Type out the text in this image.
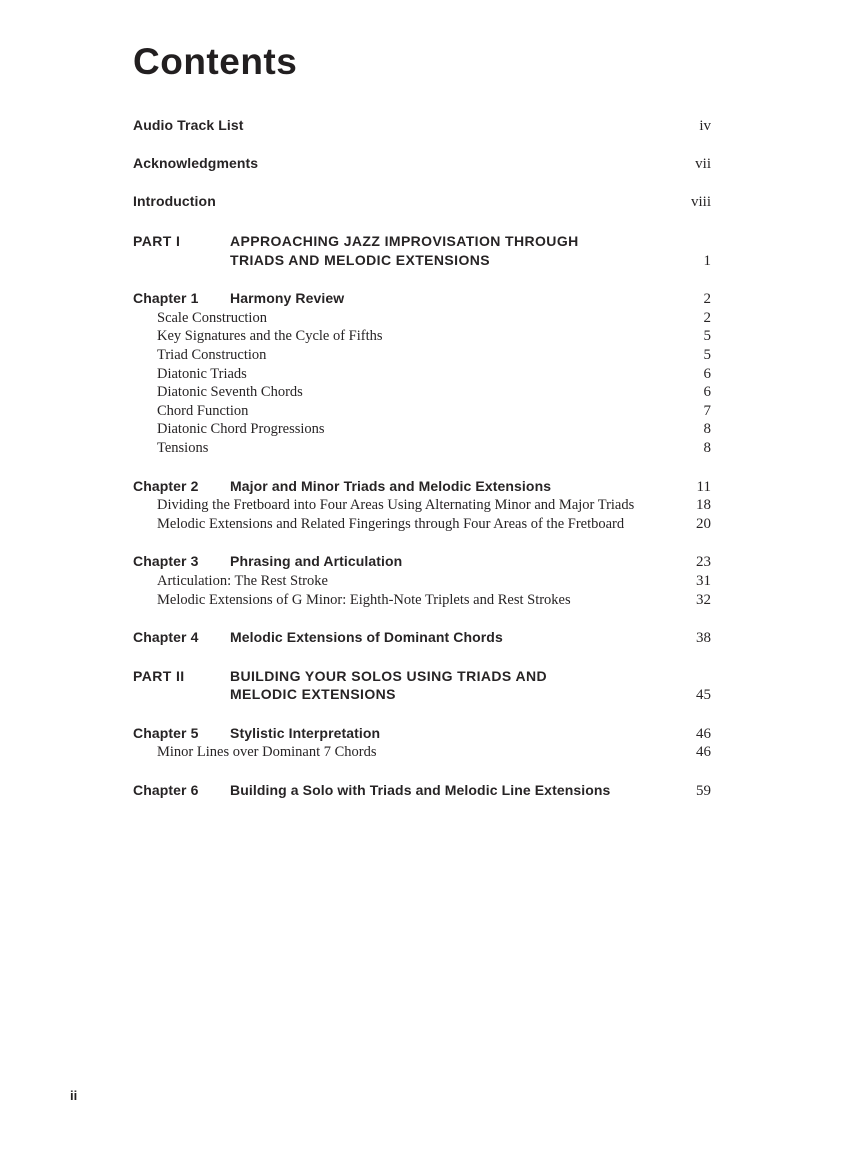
Contents
Audio Track List	iv
Acknowledgments	vii
Introduction	viii
PART I	APPROACHING JAZZ IMPROVISATION THROUGH
TRIADS AND MELODIC EXTENSIONS	1
Chapter 1	Harmony Review	2
Scale Construction	2
Key Signatures and the Cycle of Fifths	5
Triad Construction	5
Diatonic Triads	6
Diatonic Seventh Chords	6
Chord Function	7
Diatonic Chord Progressions	8
Tensions	8
Chapter 2	Major and Minor Triads and Melodic Extensions	11
Dividing the Fretboard into Four Areas Using Alternating Minor and Major Triads	18
Melodic Extensions and Related Fingerings through Four Areas of the Fretboard	20
Chapter 3	Phrasing and Articulation	23
Articulation: The Rest Stroke	31
Melodic Extensions of G Minor: Eighth-Note Triplets and Rest Strokes	32
Chapter 4	Melodic Extensions of Dominant Chords	38
PART II	BUILDING YOUR SOLOS USING TRIADS AND
MELODIC EXTENSIONS	45
Chapter 5	Stylistic Interpretation	46
Minor Lines over Dominant 7 Chords	46
Chapter 6	Building a Solo with Triads and Melodic Line Extensions	59
ii
